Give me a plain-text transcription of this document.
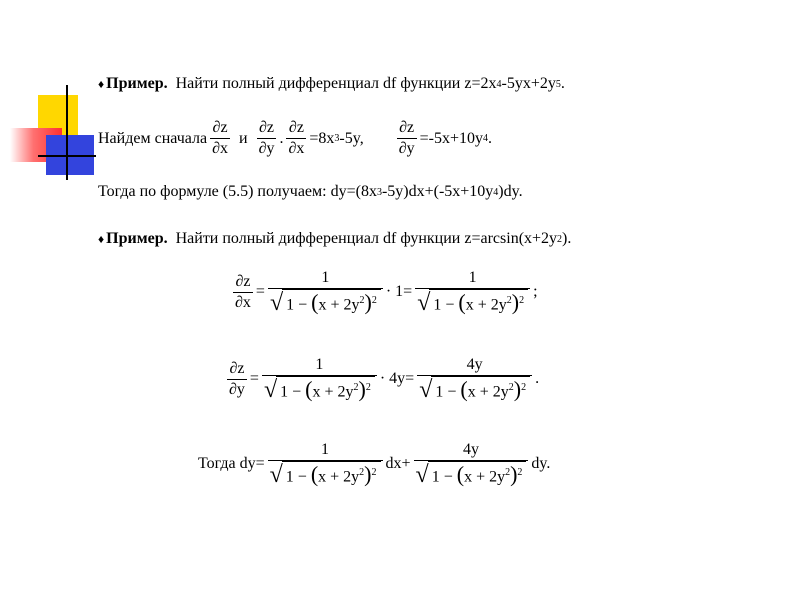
♦ Пример. Найти полный дифференциал df функции z=2x 4 -5yx+2y 5 .
Найдем сначала $\frac{\partial z}{\partial x}$ и $\frac{\partial z}{\partial y}$ . $\frac{\partial z}{\partial x} =8x$ 3 -5y, $\frac{\partial z}{\partial y} =-5x+10y$ 4 .
Тогда по формуле (5.5) получаем: dy=(8x 3 -5y)dx+(-5x+10y 4 )dy.
♦ Пример. Найти полный дифференциал df функции z=arcsin(x+2y 2 ).
$\frac{\partial z}{\partial x} = \frac{1}{√ 1 - (x + 2y^2)^2} \cdot 1= \frac{1}{√ 1 - (x + 2y^2)^2}$ ;
$\frac{\partial z}{\partial y} = \frac{1}{√ 1 - (x + 2y^2)^2} \cdot 4y= \frac{4y}{√ 1 - (x + 2y^2)^2}$ .
Тогда $dy= \frac{1}{√ 1 - (x + 2y^2)^2} dx+ \frac{4y}{√ 1 - (x + 2y^2)^2}$ dy.
